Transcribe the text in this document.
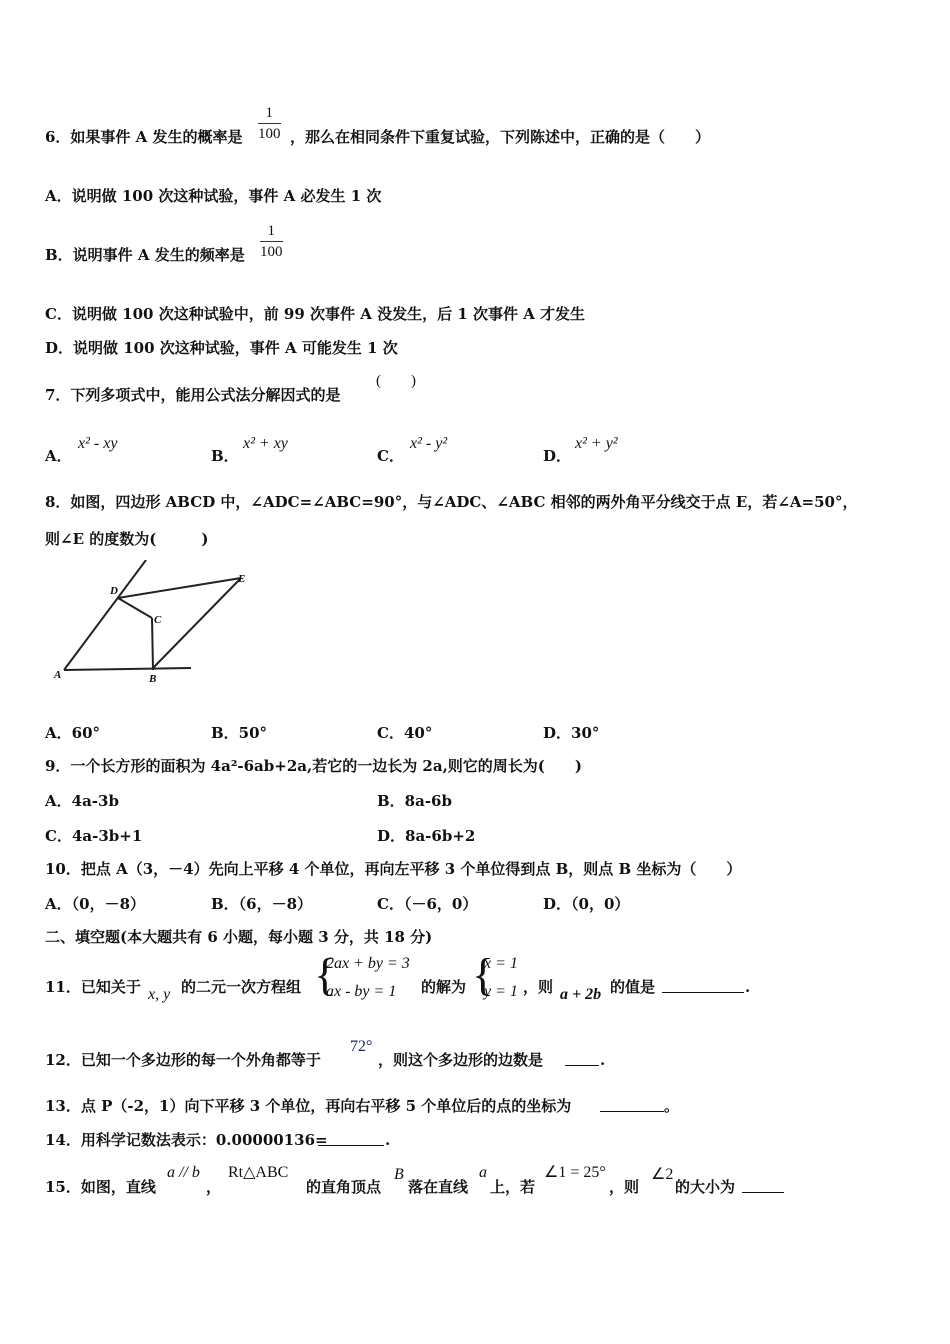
6．如果事件 A 发生的概率是 $\frac{1}{100}$ ，那么在相同条件下重复试验，下列陈述中，正确的是（　　）
A．说明做 100 次这种试验，事件 A 必发生 1 次
B．说明事件 A 发生的频率是 $\frac{1}{100}$
C．说明做 100 次这种试验中，前 99 次事件 A 没发生，后 1 次事件 A 才发生
D．说明做 100 次这种试验，事件 A 可能发生 1 次
7．下列多项式中，能用公式法分解因式的是
(　　)
A．
x² - xy
B．
x² + xy
C．
x² - y²
D．
x² + y²
8．如图，四边形 ABCD 中，∠ADC=∠ABC=90°，与∠ADC、∠ABC 相邻的两外角平分线交于点 E，若∠A=50°，
则∠E 的度数为(　　　)
D
E
C
A	B
A．60°	B．50°	C．40°	D．30°
9．一个长方形的面积为 4a²-6ab+2a,若它的一边长为 2a,则它的周长为(　　)
A．4a-3b	B．8a-6b
C．4a-3b+1	D．8a-6b+2
10．把点 A（3，－4）先向上平移 4 个单位，再向左平移 3 个单位得到点 B，则点 B 坐标为（　　）
A．（0，－8）	B．（6，－8）	C．（－6，0）	D．（0，0）
二、填空题(本大题共有 6 小题，每小题 3 分，共 18 分)
11．已知关于 x, y 的二元一次方程组 {
2ax + by = 3
ax - by = 1 的解为 {
x = 1
y = 1 ，则 a + 2b 的值是	.
12．已知一个多边形的每一个外角都等于
72°
，则这个多边形的边数是	.
13．点 P（-2，1）向下平移 3 个单位，再向右平移 5 个单位后的点的坐标为	。
14．用科学记数法表示：0.00000136=	.
15．如图，直线
a // b
，
Rt△ABC
的直角顶点
B
落在直线
a
上，若
∠1 = 25°
，则
∠2
的大小为
